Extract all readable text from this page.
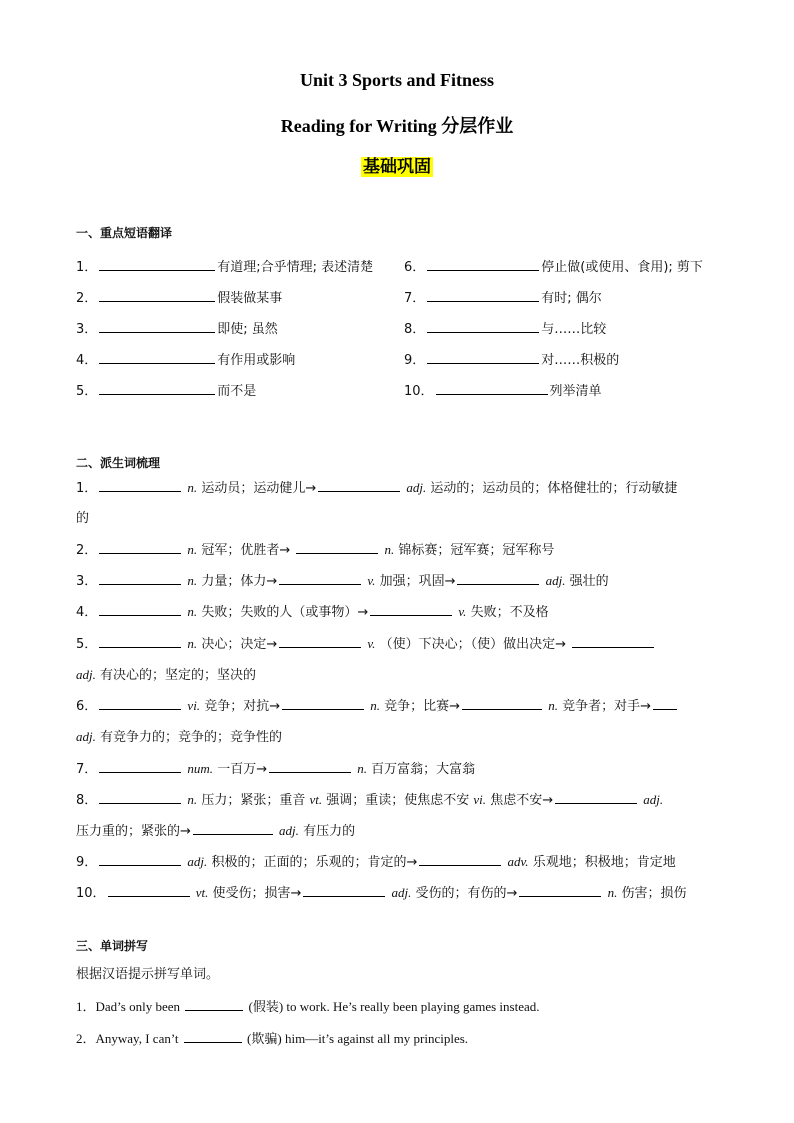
Unit 3 Sports and Fitness
Reading for Writing 分层作业
基础巩固
一、重点短语翻译
1．	有道理;合乎情理; 表述清楚
2．	假装做某事
3．	即使; 虽然
4．	有作用或影响
5．	而不是
6．	停止做(或使用、食用); 剪下
7．	有时; 偶尔
8．	与……比较
9．	对……积极的
10．	列举清单
二、派生词梳理
1．	n. 运动员；运动健儿→	adj. 运动的；运动员的；体格健壮的；行动敏捷
的
2．	n. 冠军；优胜者→	n. 锦标赛；冠军赛；冠军称号
3．	n. 力量；体力→	v. 加强；巩固→	adj. 强壮的
4．	n. 失败；失败的人（或事物）→	v. 失败；不及格
5．	n. 决心；决定→	v. （使）下决心；（使）做出决定→
adj. 有决心的；坚定的；坚决的
6．	vi. 竞争；对抗→	n. 竞争；比赛→	n. 竞争者；对手→
adj. 有竞争力的；竞争的；竞争性的
7．	num. 一百万→	n. 百万富翁；大富翁
8．	n. 压力；紧张；重音 vt. 强调；重读；使焦虑不安 vi. 焦虑不安→	adj.
压力重的；紧张的→	adj. 有压力的
9．	adj. 积极的；正面的；乐观的；肯定的→	adv. 乐观地；积极地；肯定地
10．	vt. 使受伤；损害→	adj. 受伤的；有伤的→	n. 伤害；损伤
三、单词拼写
根据汉语提示拼写单词。
1．Dad’s only been	(假装) to work. He’s really been playing games instead.
2．Anyway, I can’t	(欺骗) him—it’s against all my principles.
